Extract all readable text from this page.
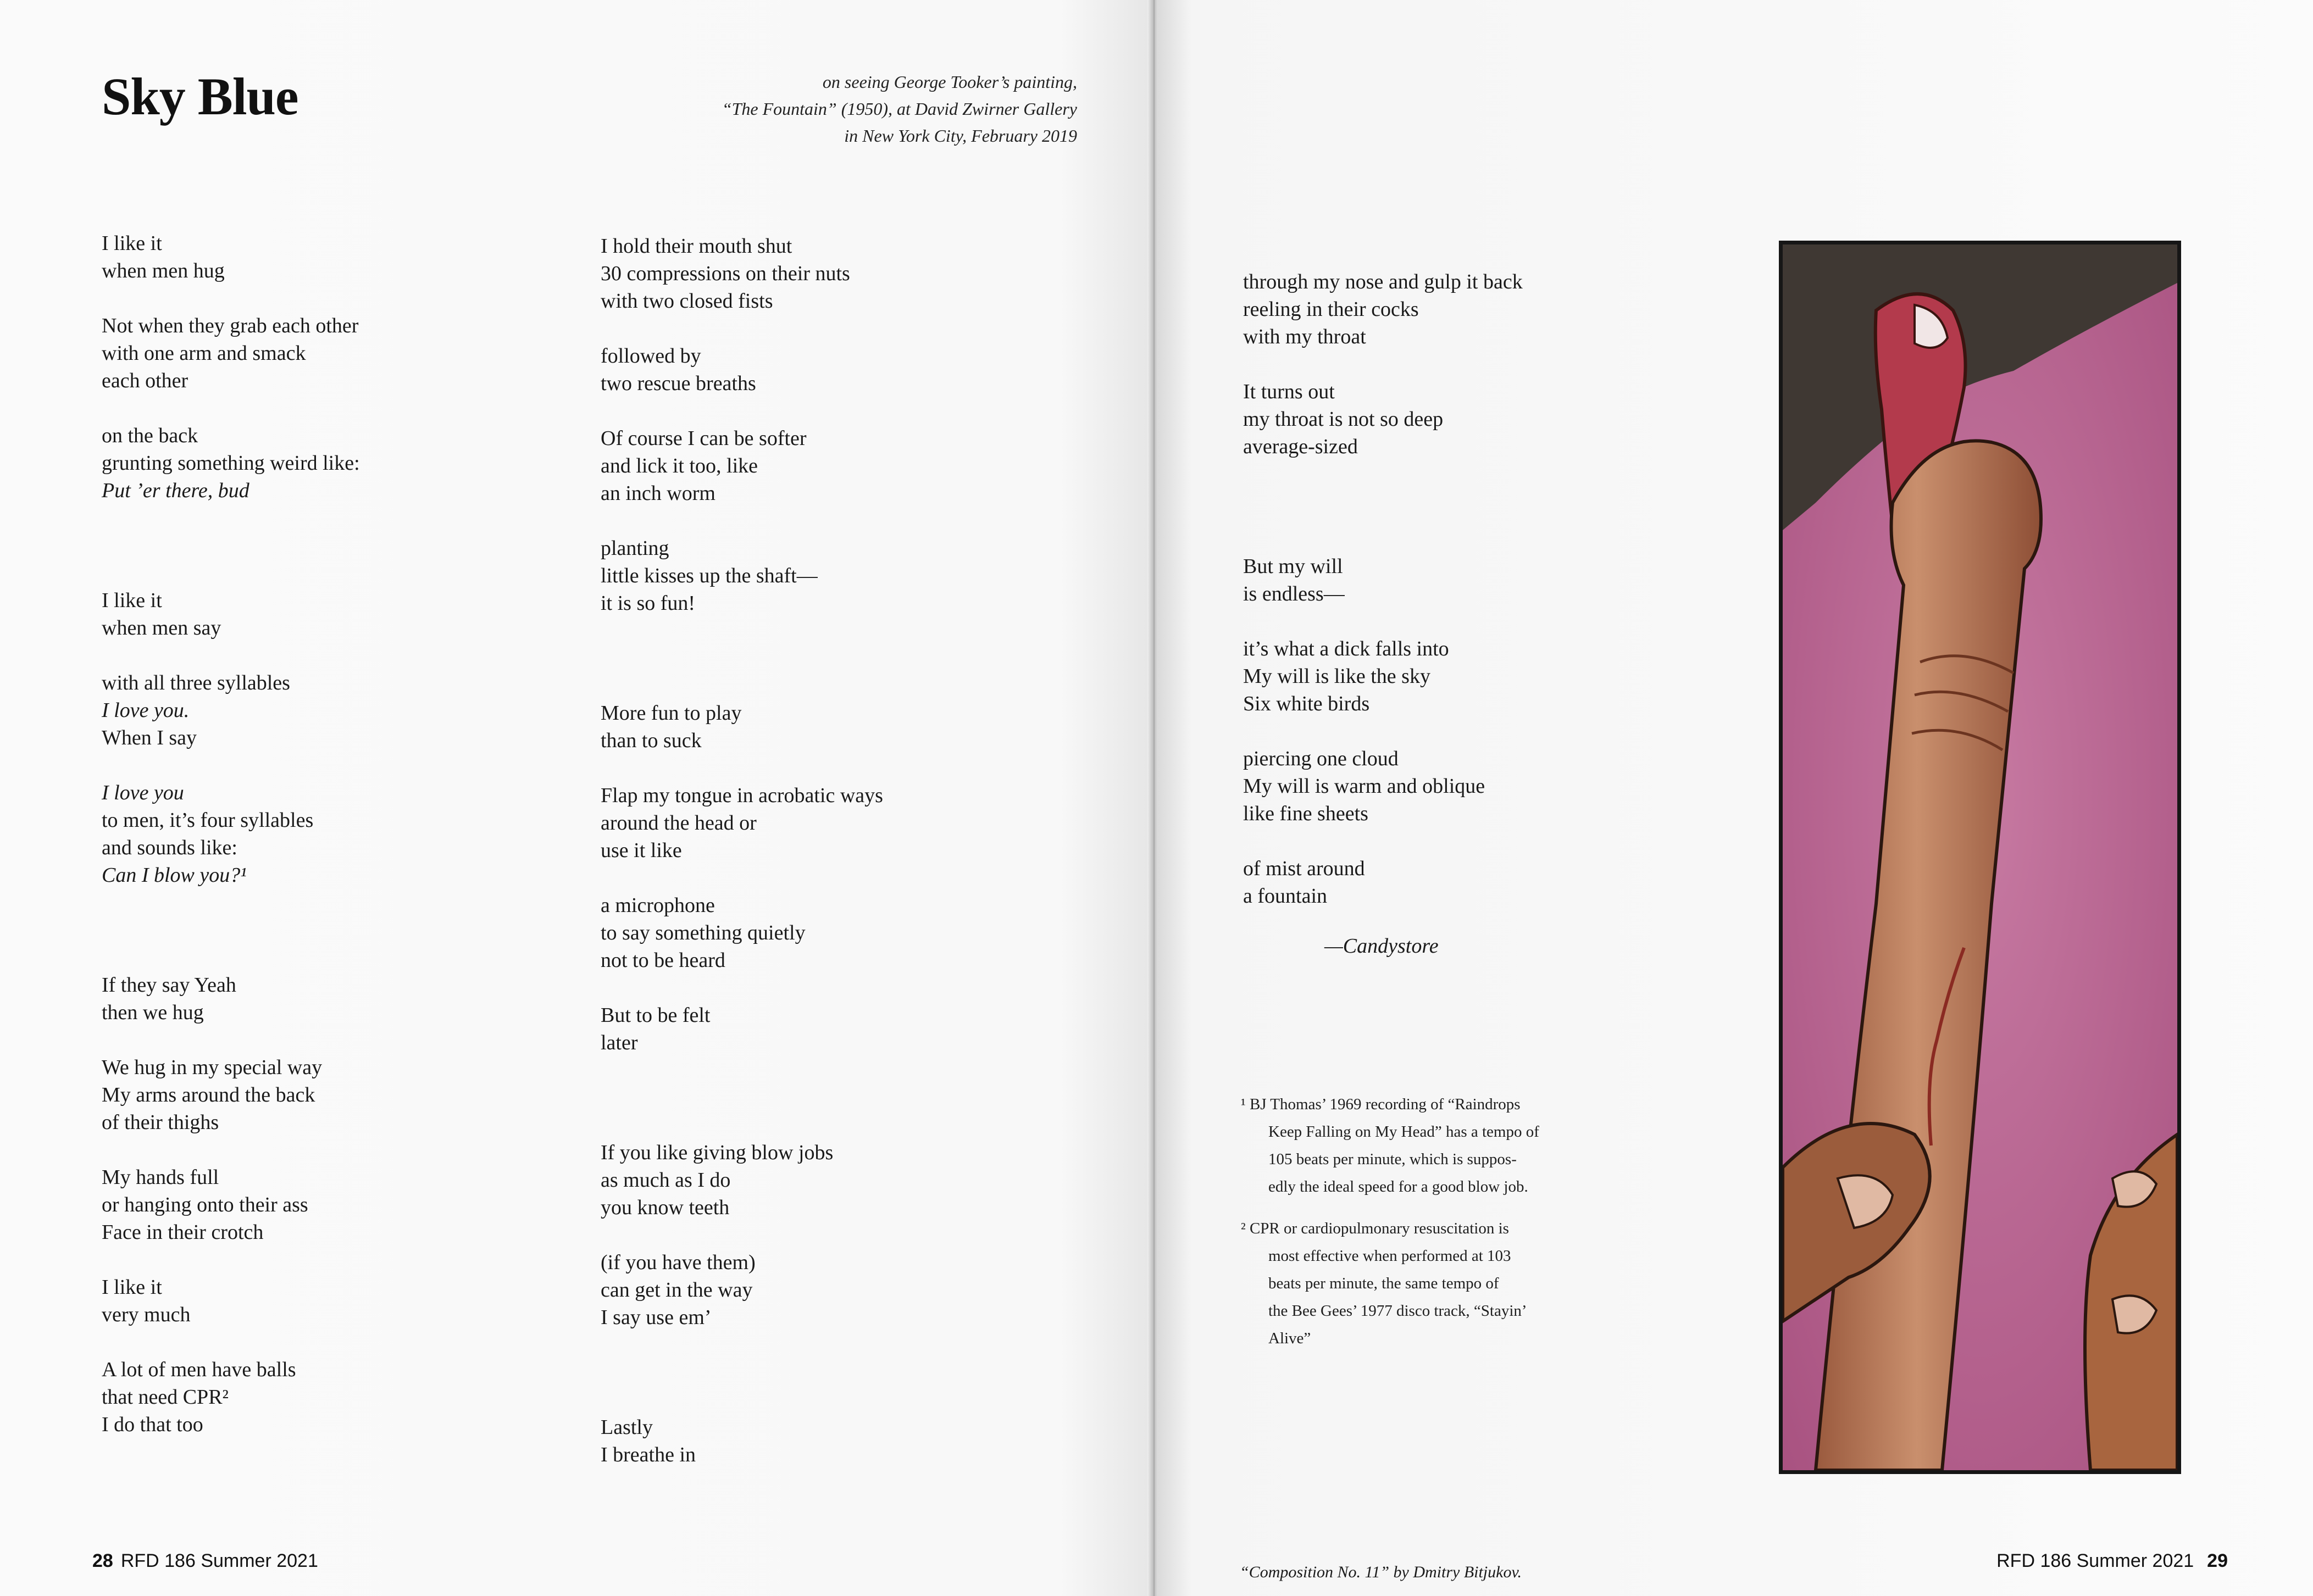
Sky Blue	on seeing George Tooker’s painting,
“The Fountain” (1950), at David Zwirner Gallery
in New York City, February 2019
I like it
when men hug
Not when they grab each other
with one arm and smack
each other
on the back
grunting something weird like:
Put ’er there, bud
I like it
when men say
with all three syllables
I love you.
When I say
I love you
to men, it’s four syllables
and sounds like:
Can I blow you?¹
If they say Yeah
then we hug
We hug in my special way
My arms around the back
of their thighs
My hands full
or hanging onto their ass
Face in their crotch
I like it
very much
A lot of men have balls
that need CPR²
I do that too
I hold their mouth shut
30 compressions on their nuts
with two closed fists
followed by
two rescue breaths
Of course I can be softer
and lick it too, like
an inch worm
planting
little kisses up the shaft—
it is so fun!
More fun to play
than to suck
Flap my tongue in acrobatic ways
around the head or
use it like
a microphone
to say something quietly
not to be heard
But to be felt
later
If you like giving blow jobs
as much as I do
you know teeth
(if you have them)
can get in the way
I say use em’
Lastly
I breathe in
28 RFD 186 Summer 2021
through my nose and gulp it back
reeling in their cocks
with my throat
It turns out
my throat is not so deep
average-sized
But my will
is endless—
it’s what a dick falls into
My will is like the sky
Six white birds
piercing one cloud
My will is warm and oblique
like fine sheets
of mist around
a fountain
—Candystore
¹ BJ Thomas’ 1969 recording of “Raindrops
Keep Falling on My Head” has a tempo of
105 beats per minute, which is suppos-
edly the ideal speed for a good blow job.
² CPR or cardiopulmonary resuscitation is
most effective when performed at 103
beats per minute, the same tempo of
the Bee Gees’ 1977 disco track, “Stayin’
Alive”
“Composition No. 11” by Dmitry Bitjukov.
RFD 186 Summer 2021 29
